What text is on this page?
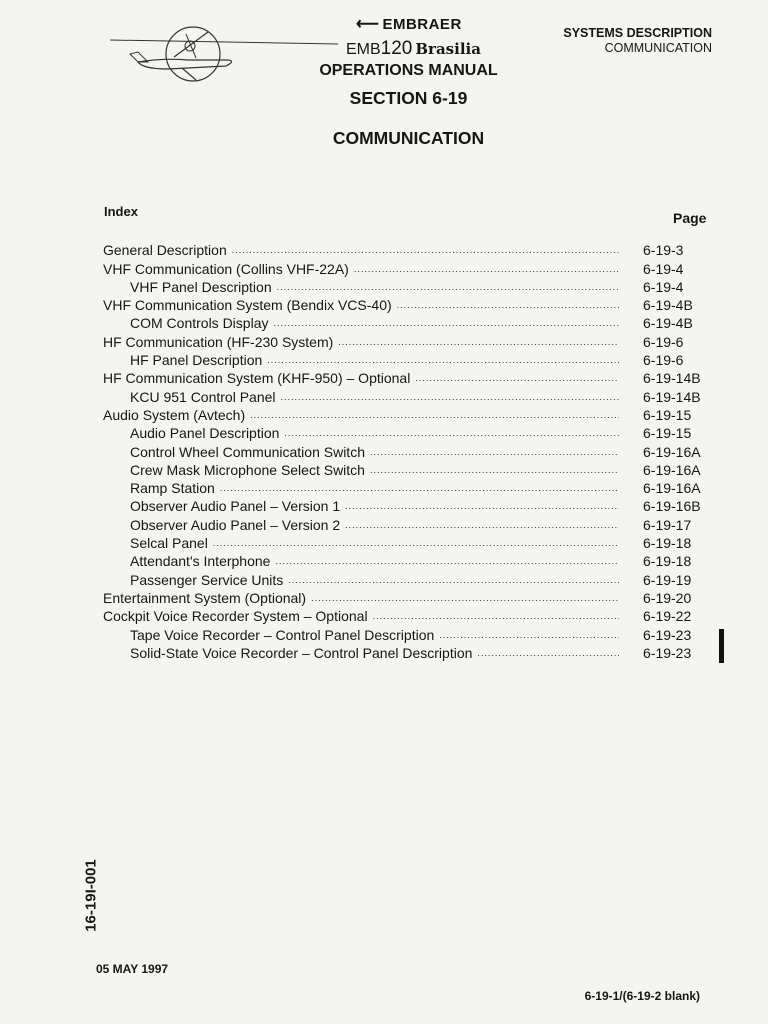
⟵ EMBRAER
EMB120 Brasilia
SYSTEMS DESCRIPTION
COMMUNICATION
OPERATIONS MANUAL
SECTION 6-19
COMMUNICATION
Index	Page
General Description .....	6-19-3
VHF Communication (Collins VHF-22A) .....	6-19-4
VHF Panel Description .....	6-19-4
VHF Communication System (Bendix VCS-40) .....	6-19-4B
COM Controls Display .....	6-19-4B
HF Communication (HF-230 System) .....	6-19-6
HF Panel Description .....	6-19-6
HF Communication System (KHF-950) – Optional .....	6-19-14B
KCU 951 Control Panel .....	6-19-14B
Audio System (Avtech) .....	6-19-15
Audio Panel Description .....	6-19-15
Control Wheel Communication Switch .....	6-19-16A
Crew Mask Microphone Select Switch .....	6-19-16A
Ramp Station .....	6-19-16A
Observer Audio Panel – Version 1 .....	6-19-16B
Observer Audio Panel – Version 2 .....	6-19-17
Selcal Panel .....	6-19-18
Attendant's Interphone .....	6-19-18
Passenger Service Units .....	6-19-19
Entertainment System (Optional) .....	6-19-20
Cockpit Voice Recorder System – Optional .....	6-19-22
Tape Voice Recorder – Control Panel Description .....	6-19-23
Solid-State Voice Recorder – Control Panel Description .....	6-19-23
16-19I-001
05 MAY 1997
6-19-1/(6-19-2 blank)
